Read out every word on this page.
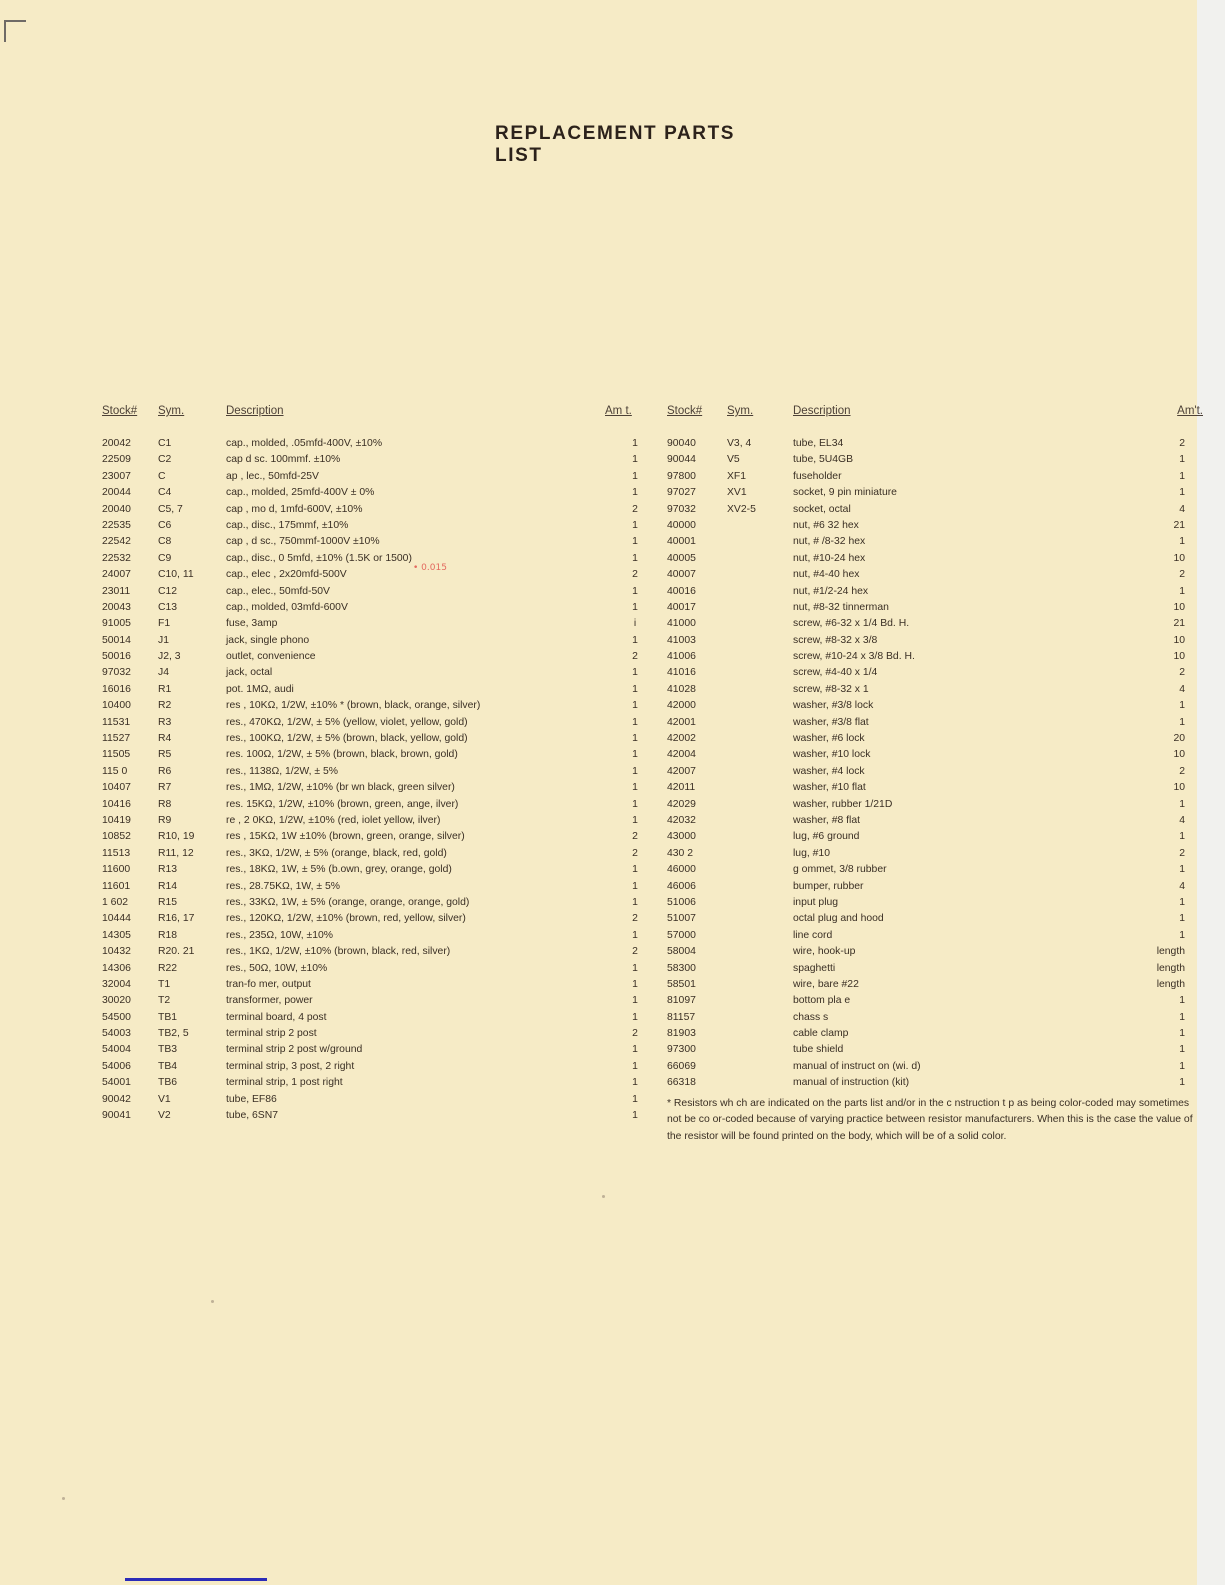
REPLACEMENT PARTS LIST
Stock# Sym.	Description	Am t.
20042	C1	cap., molded, .05mfd-400V, ±10%	1
22509	C2	cap d sc. 100mmf. ±10%	1
23007	C	ap , lec., 50mfd-25V	1
20044	C4	cap., molded, 25mfd-400V ± 0%	1
20040	C5, 7	cap , mo d, 1mfd-600V, ±10%	2
22535	C6	cap., disc., 175mmf, ±10%	1
22542	C8	cap , d sc., 750mmf-1000V ±10%	1
22532	C9	cap., disc., 0 5mfd, ±10% (1.5K or 1500)	1
24007	C10, 11	cap., elec , 2x20mfd-500V	2
23011	C12	cap., elec., 50mfd-50V	1
20043	C13	cap., molded, 03mfd-600V	1
91005	F1	fuse, 3amp	i
50014	J1	jack, single phono	1
50016	J2, 3	outlet, convenience	2
97032	J4	jack, octal	1
16016	R1	pot. 1MΩ, audi	1
10400	R2	res , 10KΩ, 1/2W, ±10% * (brown, black, orange, silver)	1
11531	R3	res., 470KΩ, 1/2W, ± 5% (yellow, violet, yellow, gold)	1
11527	R4	res., 100KΩ, 1/2W, ± 5% (brown, black, yellow, gold)	1
11505	R5	res. 100Ω, 1/2W, ± 5% (brown, black, brown, gold)	1
115 0	R6	res., 1138Ω, 1/2W, ± 5%	1
10407	R7	res., 1MΩ, 1/2W, ±10% (br wn black, green silver)	1
10416	R8	res. 15KΩ, 1/2W, ±10% (brown, green, ange, ilver)	1
10419	R9	re , 2 0KΩ, 1/2W, ±10% (red, iolet yellow, ilver)	1
10852	R10, 19	res , 15KΩ, 1W ±10% (brown, green, orange, silver)	2
11513	R11, 12	res., 3KΩ, 1/2W, ± 5% (orange, black, red, gold)	2
11600	R13	res., 18KΩ, 1W, ± 5% (b.own, grey, orange, gold)	1
11601	R14	res., 28.75KΩ, 1W, ± 5%	1
1 602	R15	res., 33KΩ, 1W, ± 5% (orange, orange, orange, gold)	1
10444	R16, 17	res., 120KΩ, 1/2W, ±10% (brown, red, yellow, silver)	2
14305	R18	res., 235Ω, 10W, ±10%	1
10432	R20. 21	res., 1KΩ, 1/2W, ±10% (brown, black, red, silver)	2
14306	R22	res., 50Ω, 10W, ±10%	1
32004	T1	tran-fo mer, output	1
30020	T2	transformer, power	1
54500	TB1	terminal board, 4 post	1
54003	TB2, 5	terminal strip 2 post	2
54004	TB3	terminal strip 2 post w/ground	1
54006	TB4	terminal strip, 3 post, 2 right	1
54001	TB6	terminal strip, 1 post right	1
90042	V1	tube, EF86	1
90041	V2	tube, 6SN7	1
Stock# Sym.	Description	Am't.
90040	V3, 4	tube, EL34	2
90044	V5	tube, 5U4GB	1
97800	XF1	fuseholder	1
97027	XV1	socket, 9 pin miniature	1
97032	XV2-5	socket, octal	4
40000	nut, #6 32 hex	21
40001	nut, # /8-32 hex	1
40005	nut, #10-24 hex	10
40007	nut, #4-40 hex	2
40016	nut, #1/2-24 hex	1
40017	nut, #8-32 tinnerman	10
41000	screw, #6-32 x 1/4 Bd. H.	21
41003	screw, #8-32 x 3/8	10
41006	screw, #10-24 x 3/8 Bd. H.	10
41016	screw, #4-40 x 1/4	2
41028	screw, #8-32 x 1	4
42000	washer, #3/8 lock	1
42001	washer, #3/8 flat	1
42002	washer, #6 lock	20
42004	washer, #10 lock	10
42007	washer, #4 lock	2
42011	washer, #10 flat	10
42029	washer, rubber 1/21D	1
42032	washer, #8 flat	4
43000	lug, #6 ground	1
430 2	lug, #10	2
46000	g ommet, 3/8 rubber	1
46006	bumper, rubber	4
51006	input plug	1
51007	octal plug and hood	1
57000	line cord	1
58004	wire, hook-up	length
58300	spaghetti	length
58501	wire, bare #22	length
81097	bottom pla e	1
81157	chass s	1
81903	cable clamp	1
97300	tube shield	1
66069	manual of instruct on (wi. d)	1
66318	manual of instruction (kit)	1
• 0.015
* Resistors wh ch are indicated on the parts list and/or in the c nstruction t p as being color-coded may sometimes not be co or-coded because of varying practice between resistor manufacturers. When this is the case the value of the resistor will be found printed on the body, which will be of a solid color.
